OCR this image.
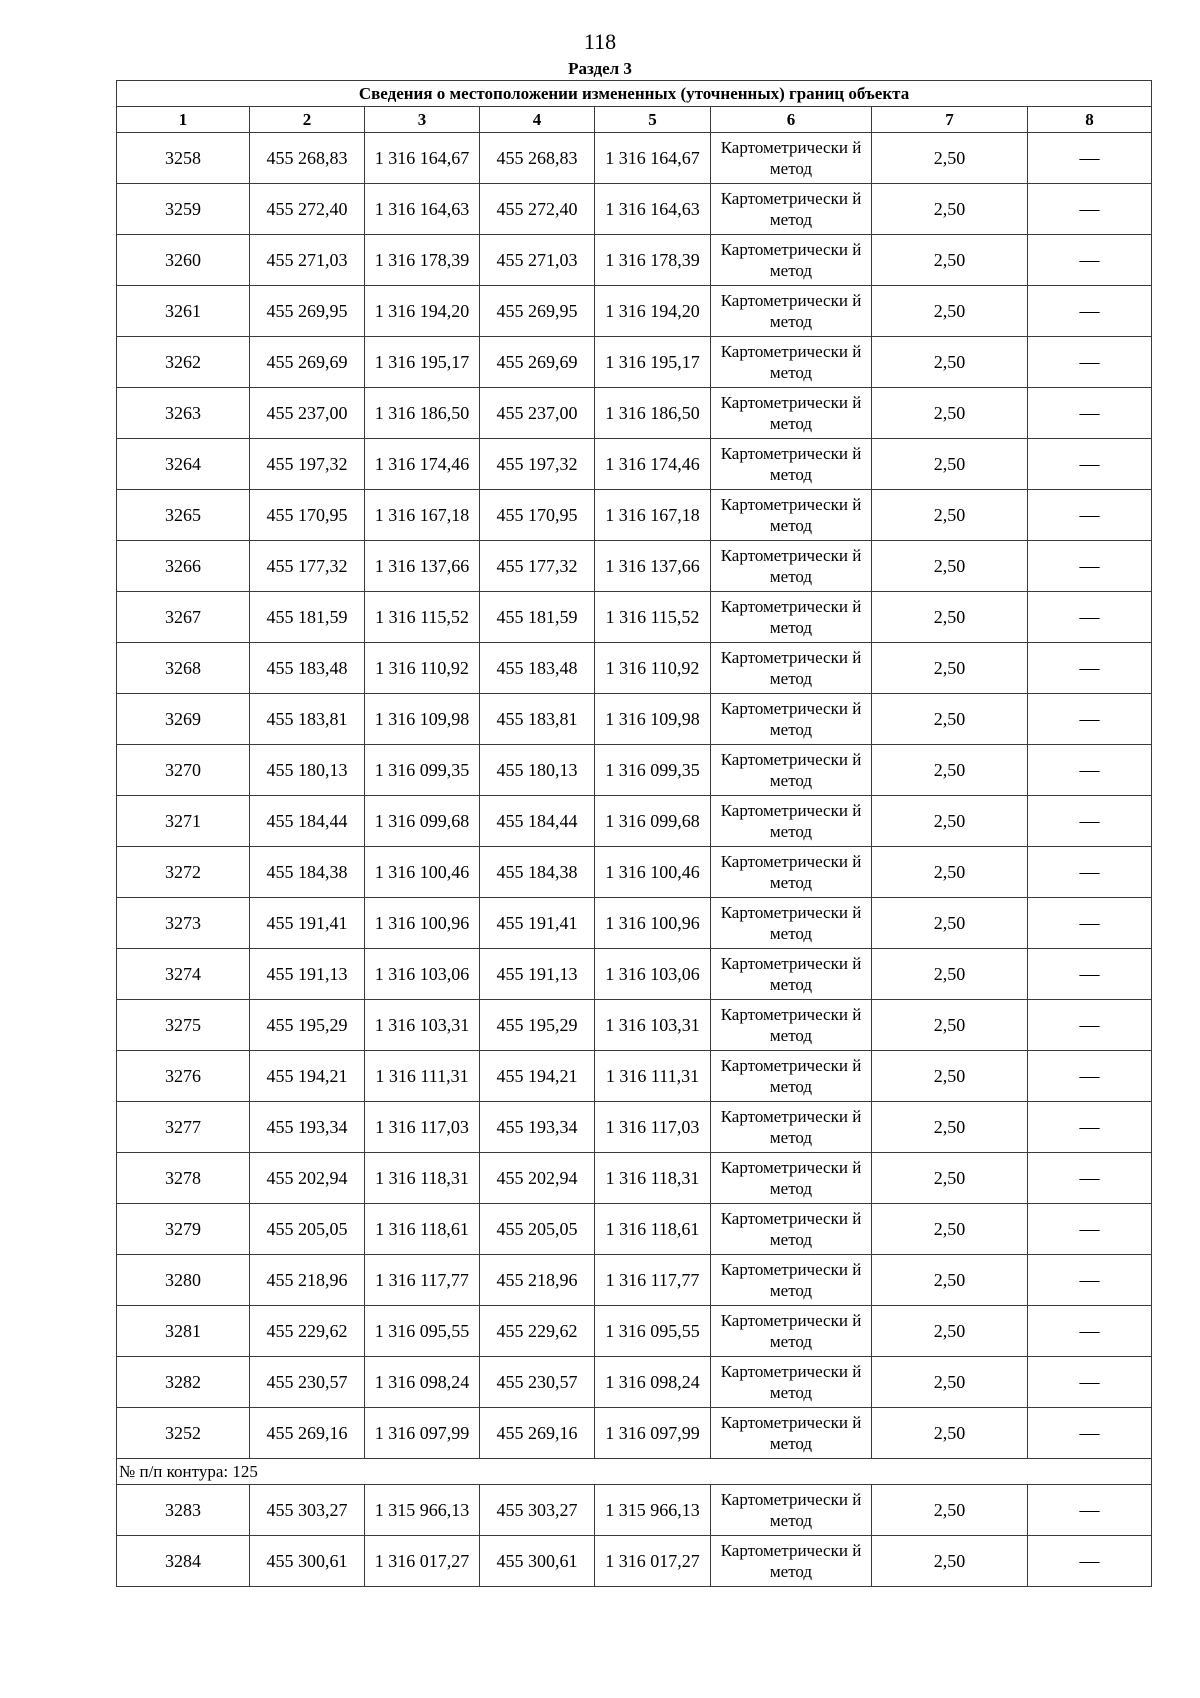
118
Раздел 3
Сведения о местоположении измененных (уточненных) границ объекта							
1	2	3	4	5	6	7	8
3258	455 268,83	1 316 164,67	455 268,83	1 316 164,67	Картометрически й метод	2,50	—
3259	455 272,40	1 316 164,63	455 272,40	1 316 164,63	Картометрически й метод	2,50	—
3260	455 271,03	1 316 178,39	455 271,03	1 316 178,39	Картометрически й метод	2,50	—
3261	455 269,95	1 316 194,20	455 269,95	1 316 194,20	Картометрически й метод	2,50	—
3262	455 269,69	1 316 195,17	455 269,69	1 316 195,17	Картометрически й метод	2,50	—
3263	455 237,00	1 316 186,50	455 237,00	1 316 186,50	Картометрически й метод	2,50	—
3264	455 197,32	1 316 174,46	455 197,32	1 316 174,46	Картометрически й метод	2,50	—
3265	455 170,95	1 316 167,18	455 170,95	1 316 167,18	Картометрически й метод	2,50	—
3266	455 177,32	1 316 137,66	455 177,32	1 316 137,66	Картометрически й метод	2,50	—
3267	455 181,59	1 316 115,52	455 181,59	1 316 115,52	Картометрически й метод	2,50	—
3268	455 183,48	1 316 110,92	455 183,48	1 316 110,92	Картометрически й метод	2,50	—
3269	455 183,81	1 316 109,98	455 183,81	1 316 109,98	Картометрически й метод	2,50	—
3270	455 180,13	1 316 099,35	455 180,13	1 316 099,35	Картометрически й метод	2,50	—
3271	455 184,44	1 316 099,68	455 184,44	1 316 099,68	Картометрически й метод	2,50	—
3272	455 184,38	1 316 100,46	455 184,38	1 316 100,46	Картометрически й метод	2,50	—
3273	455 191,41	1 316 100,96	455 191,41	1 316 100,96	Картометрически й метод	2,50	—
3274	455 191,13	1 316 103,06	455 191,13	1 316 103,06	Картометрически й метод	2,50	—
3275	455 195,29	1 316 103,31	455 195,29	1 316 103,31	Картометрически й метод	2,50	—
3276	455 194,21	1 316 111,31	455 194,21	1 316 111,31	Картометрически й метод	2,50	—
3277	455 193,34	1 316 117,03	455 193,34	1 316 117,03	Картометрически й метод	2,50	—
3278	455 202,94	1 316 118,31	455 202,94	1 316 118,31	Картометрически й метод	2,50	—
3279	455 205,05	1 316 118,61	455 205,05	1 316 118,61	Картометрически й метод	2,50	—
3280	455 218,96	1 316 117,77	455 218,96	1 316 117,77	Картометрически й метод	2,50	—
3281	455 229,62	1 316 095,55	455 229,62	1 316 095,55	Картометрически й метод	2,50	—
3282	455 230,57	1 316 098,24	455 230,57	1 316 098,24	Картометрически й метод	2,50	—
3252	455 269,16	1 316 097,99	455 269,16	1 316 097,99	Картометрически й метод	2,50	—
№ п/п контура: 125							
3283	455 303,27	1 315 966,13	455 303,27	1 315 966,13	Картометрически й метод	2,50	—
3284	455 300,61	1 316 017,27	455 300,61	1 316 017,27	Картометрически й метод	2,50	—
